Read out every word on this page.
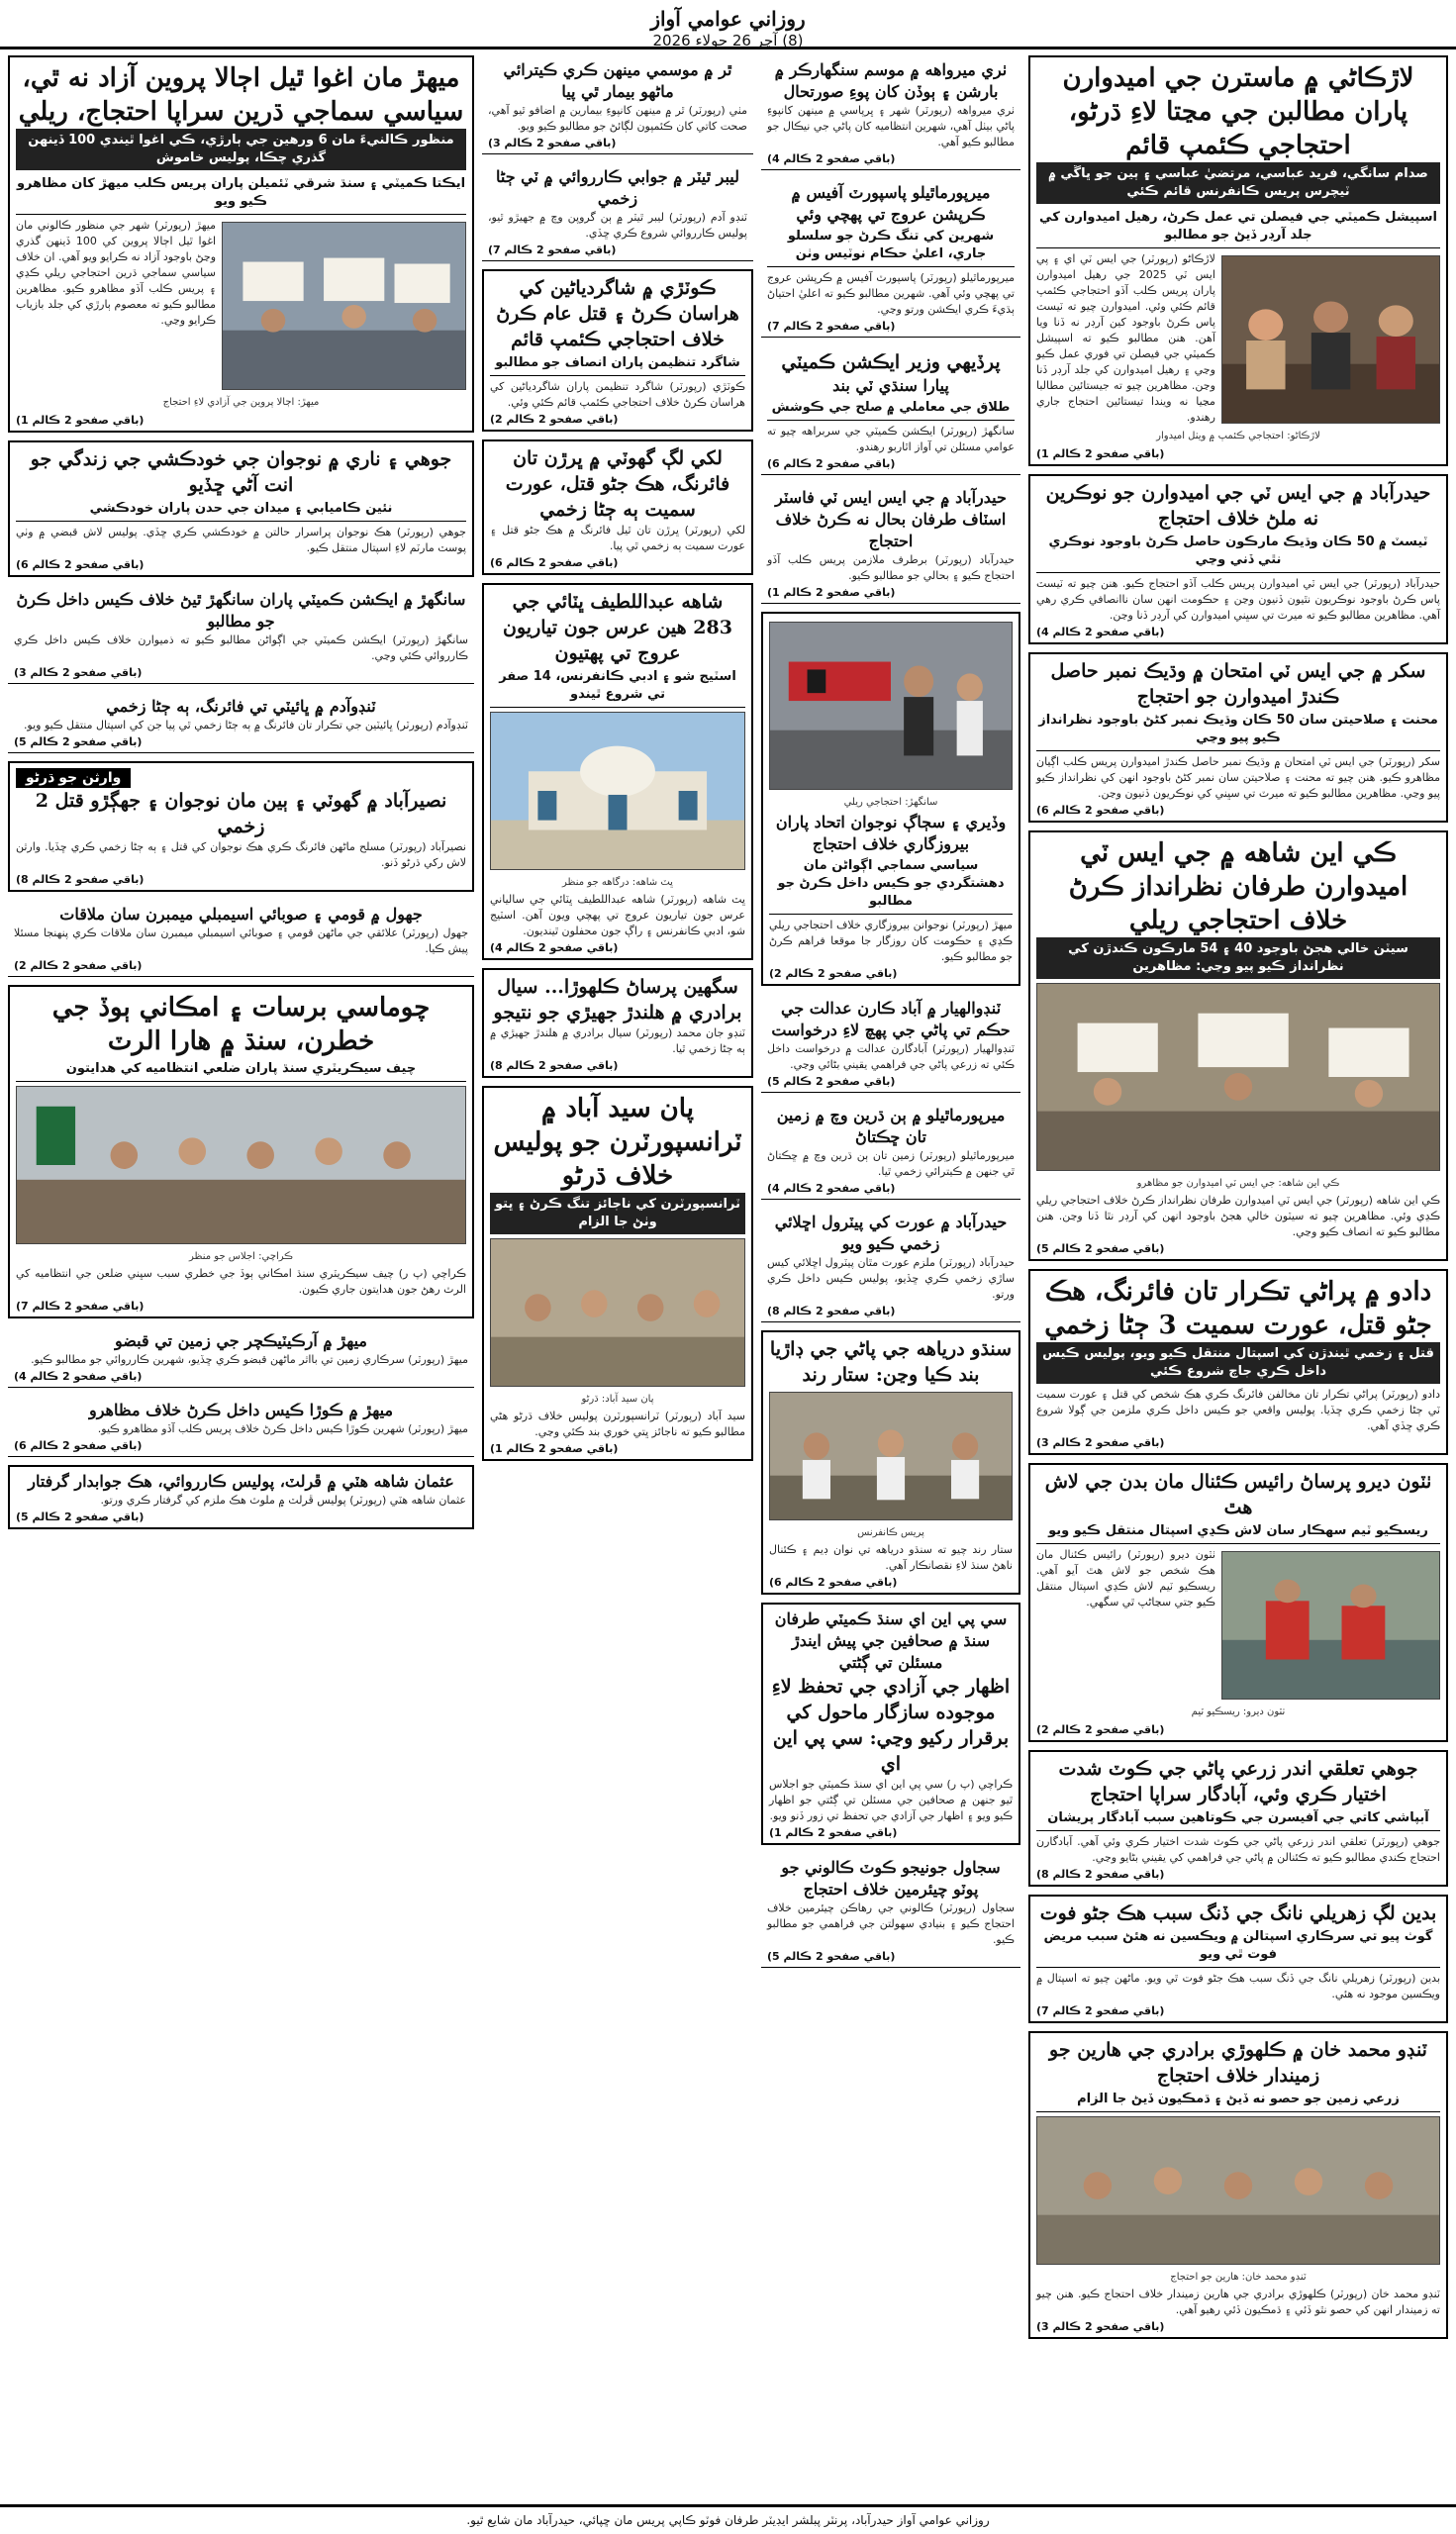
روزاني عوامي آواز
(8) آچر 26 جولاء 2026
لاڙڪاڻي ۾ ماسترن جي اميدوارن پاران مطالبن جي مڃتا لاءِ ڌرڻو، احتجاجي ڪئمپ قائم
صدام سانگي، فريد عباسي، مرتضيٰ عباسي ۽ ٻين جو ڀاڱي ۾ ٽيچرس پريس ڪانفرنس قائم ڪئي
اسپيشل ڪميٽي جي فيصلن تي عمل ڪرڻ، رهيل اميدوارن کي جلد آرڊر ڏيڻ جو مطالبو
لاڙڪاڻو (رپورٽر) جي ايس ٽي اي ۽ پي ايس ٽي 2025 جي رهيل اميدوارن پاران پريس ڪلب آڏو احتجاجي ڪئمپ قائم ڪئي وئي. اميدوارن چيو ته ٽيسٽ پاس ڪرڻ باوجود کين آرڊر نه ڏنا ويا آهن. هنن مطالبو ڪيو ته اسپيشل ڪميٽي جي فيصلن تي فوري عمل ڪيو وڃي ۽ رهيل اميدوارن کي جلد آرڊر ڏنا وڃن. مظاهرين چيو ته جيستائين مطالبا مڃيا نه ويندا تيستائين احتجاج جاري رهندو.
لاڙڪاڻو: احتجاجي ڪئمپ ۾ ويٺل اميدوار
(باقي صفحو 2 ڪالم 1)
حيدرآباد ۾ جي ايس ٽي جي اميدوارن جو نوڪرين نه ملڻ خلاف احتجاج
ٽيسٽ ۾ 50 ڪان وڌيڪ مارڪون حاصل ڪرڻ باوجود نوڪري نٿي ڏني وڃي
حيدرآباد (رپورٽر) جي ايس ٽي اميدوارن پريس ڪلب آڏو احتجاج ڪيو. هنن چيو ته ٽيسٽ پاس ڪرڻ باوجود نوڪريون نٿيون ڏنيون وڃن ۽ حڪومت انهن سان ناانصافي ڪري رهي آهي. مظاهرين مطالبو ڪيو ته ميرٽ تي سڀني اميدوارن کي آرڊر ڏنا وڃن.
(باقي صفحو 2 ڪالم 4)
سکر ۾ جي ايس ٽي امتحان ۾ وڌيڪ نمبر حاصل ڪندڙ اميدوارن جو احتجاج
محنت ۽ صلاحيتن سان 50 ڪان وڌيڪ نمبر کڻڻ باوجود نظرانداز ڪيو پيو وڃي
سکر (رپورٽر) جي ايس ٽي امتحان ۾ وڌيڪ نمبر حاصل ڪندڙ اميدوارن پريس ڪلب اڳيان مظاهرو ڪيو. هنن چيو ته محنت ۽ صلاحيتن سان نمبر کڻڻ باوجود انهن کي نظرانداز ڪيو پيو وڃي. مظاهرين مطالبو ڪيو ته ميرٽ تي سڀني کي نوڪريون ڏنيون وڃن.
(باقي صفحو 2 ڪالم 6)
ڪي اين شاهه ۾ جي ايس ٽي اميدوارن طرفان نظرانداز ڪرڻ خلاف احتجاجي ريلي
سيٽن خالي هجڻ باوجود 40 ۽ 54 مارڪون ڪندڙن کي نظرانداز ڪيو پيو وڃي: مظاهرين
ڪي اين شاهه: جي ايس ٽي اميدوارن جو مظاهرو
ڪي اين شاهه (رپورٽر) جي ايس ٽي اميدوارن طرفان نظرانداز ڪرڻ خلاف احتجاجي ريلي ڪڍي وئي. مظاهرين چيو ته سيٽون خالي هجڻ باوجود انهن کي آرڊر نٿا ڏنا وڃن. هنن مطالبو ڪيو ته انصاف ڪيو وڃي.
(باقي صفحو 2 ڪالم 5)
دادو ۾ پراڻي تڪرار تان فائرنگ، هڪ جڻو قتل، عورت سميت 3 ڄڻا زخمي
قتل ۽ زخمي ٿيندڙن کي اسپتال منتقل ڪيو ويو، پوليس ڪيس داخل ڪري جاچ شروع ڪئي
دادو (رپورٽر) پراڻي تڪرار تان مخالفن فائرنگ ڪري هڪ شخص کي قتل ۽ عورت سميت ٽي ڄڻا زخمي ڪري ڇڏيا. پوليس واقعي جو ڪيس داخل ڪري ملزمن جي ڳولا شروع ڪري ڇڏي آهي.
(باقي صفحو 2 ڪالم 3)
ٺٽون ديرو پرساڻ رائيس ڪئنال مان بدن جي لاش هٿ
ريسڪيو ٽيم سهڪار سان لاش ڪڍي اسپتال منتقل ڪيو ويو
ٺٽون ديرو (رپورٽر) رائيس ڪئنال مان هڪ شخص جو لاش هٿ آيو آهي. ريسڪيو ٽيم لاش ڪڍي اسپتال منتقل ڪيو جتي سڃاڻپ ٿي سگهي.
ٺٽون ديرو: ريسڪيو ٽيم
(باقي صفحو 2 ڪالم 2)
جوهي تعلقي اندر زرعي پاڻي جي ڪوٽ شدت اختيار ڪري وئي، آبادگار سراپا احتجاج
آبپاشي کاتي جي آفيسرن جي ڪوتاهين سبب آبادگار پريشان
جوهي (رپورٽر) تعلقي اندر زرعي پاڻي جي ڪوٽ شدت اختيار ڪري وئي آهي. آبادگارن احتجاج ڪندي مطالبو ڪيو ته ڪئنالن ۾ پاڻي جي فراهمي کي يقيني بڻايو وڃي.
(باقي صفحو 2 ڪالم 8)
بدين لڳ زهريلي نانگ جي ڏنگ سبب هڪ جڻو فوت
گوٺ پيو تي سرڪاري اسپتالن ۾ ويڪسين نه هئڻ سبب مريض فوت ٿي ويو
بدين (رپورٽر) زهريلي نانگ جي ڏنگ سبب هڪ جڻو فوت ٿي ويو. ماڻهن چيو ته اسپتال ۾ ويڪسين موجود نه هئي.
(باقي صفحو 2 ڪالم 7)
ٽنڊو محمد خان ۾ ڪلهوڙي برادري جي هارين جو زميندار خلاف احتجاج
زرعي زمين جو حصو نه ڏيڻ ۽ ڌمڪيون ڏيڻ جا الزام
ٽنڊو محمد خان: هارين جو احتجاج
ٽنڊو محمد خان (رپورٽر) ڪلهوڙي برادري جي هارين زميندار خلاف احتجاج ڪيو. هنن چيو ته زميندار انهن کي حصو نٿو ڏئي ۽ ڌمڪيون ڏئي رهيو آهي.
(باقي صفحو 2 ڪالم 3)
ٺري ميرواهه ۾ موسم سنگهارڪر ۾ بارشن ۽ ٻوڏن کان پوءِ صورتحال
ٺري ميرواهه (رپورٽر) شهر ۽ ڀرپاسي ۾ مينهن کانپوءِ پاڻي بيٺل آهي، شهرين انتظاميه کان پاڻي جي نيڪال جو مطالبو ڪيو آهي.
(باقي صفحو 2 ڪالم 4)
ميرپورماٿيلو پاسپورٽ آفيس ۾ ڪرپشن عروج تي پهچي وئي
شهرين کي تنگ ڪرڻ جو سلسلو جاري، اعليٰ حڪام نوٽيس وٺن
ميرپورماٿيلو (رپورٽر) پاسپورٽ آفيس ۾ ڪرپشن عروج تي پهچي وئي آهي. شهرين مطالبو ڪيو ته اعليٰ احتياڻ ٻڌيءَ ڪري ايڪشن ورتو وڃي.
(باقي صفحو 2 ڪالم 7)
پرڏيهي وزير ايڪشن ڪميٽي
پيارا سنڌي ٽي بند
طلاق جي معاملي ۾ صلح جي ڪوشش
سانگهڙ (رپورٽر) ايڪشن ڪميٽي جي سربراهه چيو ته عوامي مسئلن تي آواز اٿاربو رهندو.
(باقي صفحو 2 ڪالم 6)
حيدرآباد ۾ جي ايس ايس ٽي فاسٽر اسٽاف طرفان بحال نه ڪرڻ خلاف احتجاج
حيدرآباد (رپورٽر) برطرف ملازمن پريس ڪلب آڏو احتجاج ڪيو ۽ بحالي جو مطالبو ڪيو.
(باقي صفحو 2 ڪالم 1)
سانگهڙ: احتجاجي ريلي
وڏيري ۽ سڄاڳ نوجوان اتحاد پاران بيروزگاري خلاف احتجاج
سياسي سماجي اڳواڻن مان دهشتگردي جو ڪيس داخل ڪرڻ جو مطالبو
ميهڙ (رپورٽر) نوجوانن بيروزگاري خلاف احتجاجي ريلي ڪڍي ۽ حڪومت کان روزگار جا موقعا فراهم ڪرڻ جو مطالبو ڪيو.
(باقي صفحو 2 ڪالم 2)
ٽنڊوالهيار ۾ آباد ڪارن عدالت جي حڪم تي پاڻي جي پهچ لاءِ درخواست
ٽنڊوالهيار (رپورٽر) آبادگارن عدالت ۾ درخواست داخل ڪئي ته زرعي پاڻي جي فراهمي يقيني بڻائي وڃي.
(باقي صفحو 2 ڪالم 5)
ميرپورماٿيلو ۾ ٻن ڌرين وچ ۾ زمين تان ڇڪتاڻ
ميرپورماٿيلو (رپورٽر) زمين تان ٻن ڌرين وچ ۾ ڇڪتاڻ ٿي جنهن ۾ ڪيترائي زخمي ٿيا.
(باقي صفحو 2 ڪالم 4)
حيدرآباد ۾ عورت کي پيٽرول اڇلائي زخمي ڪيو ويو
حيدرآباد (رپورٽر) ملزم عورت مٿان پيٽرول اڇلائي کيس ساڙي زخمي ڪري ڇڏيو، پوليس ڪيس داخل ڪري ورتو.
(باقي صفحو 2 ڪالم 8)
سنڌو درياهه جي پاڻي جي ڊاڙيا بند ڪيا وڃن: ستار رند
پريس ڪانفرنس
ستار رند چيو ته سنڌو درياهه تي نوان ڊيم ۽ ڪئنال ناهڻ سنڌ لاءِ نقصانڪار آهي.
(باقي صفحو 2 ڪالم 6)
سي پي اين اي سنڌ ڪميٽي طرفان سنڌ ۾ صحافين جي پيش ايندڙ مسئلن تي ڳڻتي
اظهار جي آزادي جي تحفظ لاءِ موجوده سازگار ماحول کي برقرار رکيو وڃي: سي پي اين اي
ڪراچي (پ ر) سي پي اين اي سنڌ ڪميٽي جو اجلاس ٿيو جنهن ۾ صحافين جي مسئلن تي ڳڻتي جو اظهار ڪيو ويو ۽ اظهار جي آزادي جي تحفظ تي زور ڏنو ويو.
(باقي صفحو 2 ڪالم 1)
سجاول جونيجو ڪوٽ ڪالوني جو پوٽو چيئرمين خلاف احتجاج
سجاول (رپورٽر) ڪالوني جي رهاڪن چيئرمين خلاف احتجاج ڪيو ۽ بنيادي سهولتن جي فراهمي جو مطالبو ڪيو.
(باقي صفحو 2 ڪالم 5)
ٿر ۾ موسمي مينهن ڪري ڪيترائي ماڻهو بيمار ٿي پيا
مٺي (رپورٽر) ٿر ۾ مينهن کانپوءِ بيمارين ۾ اضافو ٿيو آهي، صحت کاتي کان ڪئمپون لڳائڻ جو مطالبو ڪيو ويو.
(باقي صفحو 2 ڪالم 3)
ليبر ٿيٽر ۾ جوابي ڪارروائي ۾ ٽي ڄڻا زخمي
ٽنڊو آدم (رپورٽر) ليبر ٿيٽر ۾ ٻن گروپن وچ ۾ جهيڙو ٿيو، پوليس ڪارروائي شروع ڪري ڇڏي.
(باقي صفحو 2 ڪالم 7)
ڪوٽڙي ۾ شاگردياڻين کي هراسان ڪرڻ ۽ قتل عام ڪرڻ خلاف احتجاجي ڪئمپ قائم
شاگرد تنظيمن پاران انصاف جو مطالبو
ڪوٽڙي (رپورٽر) شاگرد تنظيمن پاران شاگردياڻين کي هراسان ڪرڻ خلاف احتجاجي ڪئمپ قائم ڪئي وئي.
(باقي صفحو 2 ڪالم 2)
لکي لڳ گهوٽي ۾ ڀرڙن تان فائرنگ، هڪ جڻو قتل، عورت سميت ٻه ڄڻا زخمي
لکي (رپورٽر) ڀرڙن تان ٿيل فائرنگ ۾ هڪ جڻو قتل ۽ عورت سميت ٻه زخمي ٿي پيا.
(باقي صفحو 2 ڪالم 6)
شاهه عبداللطيف ڀٽائي جي 283 هين عرس جون تياريون عروج تي پهتيون
اسٽيج شو ۽ ادبي ڪانفرنس، 14 صفر تي شروع ٿيندو
ڀٽ شاهه: درگاهه جو منظر
ڀٽ شاهه (رپورٽر) شاهه عبداللطيف ڀٽائي جي سالياني عرس جون تياريون عروج تي پهچي ويون آهن. اسٽيج شو، ادبي ڪانفرنس ۽ راڳ جون محفلون ٿينديون.
(باقي صفحو 2 ڪالم 4)
سگهين پرساڻ ڪلهوڙا... سيال برادري ۾ هلندڙ جهيڙي جو نتيجو
ٽنڊو جان محمد (رپورٽر) سيال برادري ۾ هلندڙ جهيڙي ۾ ٻه ڄڻا زخمي ٿيا.
(باقي صفحو 2 ڪالم 8)
پان سيد آباد ۾ ٽرانسپورٽرن جو پوليس خلاف ڌرڻو
ٽرانسپورٽرن کي ناجائز تنگ ڪرڻ ۽ ڀتو وٺڻ جا الزام
پان سيد آباد: ڌرڻو
سيد آباد (رپورٽر) ٽرانسپورٽرن پوليس خلاف ڌرڻو هڻي مطالبو ڪيو ته ناجائز ڀتي خوري بند ڪئي وڃي.
(باقي صفحو 2 ڪالم 1)
ميهڙ مان اغوا ٿيل اڄالا پروين آزاد نه ٿي، سياسي سماجي ڌرين سراپا احتجاج، ريلي
منظور ڪالنيءَ مان 6 ورهين جي ٻارڙي، ڪي اغوا ٿيندي 100 ڏينهن گذري چڪا، پوليس خاموش
ايڪتا ڪميٽي ۽ سنڌ شرقي ٽئميلن پاران پريس ڪلب ميهڙ کان مظاهرو ڪيو ويو
ميهڙ (رپورٽر) شهر جي منظور ڪالوني مان اغوا ٿيل اڄالا پروين کي 100 ڏينهن گذري وڃڻ باوجود آزاد نه ڪرايو ويو آهي. ان خلاف سياسي سماجي ڌرين احتجاجي ريلي ڪڍي ۽ پريس ڪلب آڏو مظاهرو ڪيو. مظاهرين مطالبو ڪيو ته معصوم ٻارڙي کي جلد بازياب ڪرايو وڃي.
ميهڙ: اڄالا پروين جي آزادي لاءِ احتجاج
(باقي صفحو 2 ڪالم 1)
جوهي ۽ ناري ۾ نوجوان جي خودڪشي جي زندگي جو انت آڻي ڇڏيو
نئين ڪاميابي ۽ ميدان جي حدن پاران خودڪشي
جوهي (رپورٽر) هڪ نوجوان پراسرار حالتن ۾ خودڪشي ڪري ڇڏي. پوليس لاش قبضي ۾ وٺي پوسٽ مارٽم لاءِ اسپتال منتقل ڪيو.
(باقي صفحو 2 ڪالم 6)
سانگهڙ ۾ ايڪشن ڪميٽي پاران سانگهڙ ٿيڻ خلاف ڪيس داخل ڪرڻ جو مطالبو
سانگهڙ (رپورٽر) ايڪشن ڪميٽي جي اڳواڻن مطالبو ڪيو ته ذميوارن خلاف ڪيس داخل ڪري ڪارروائي ڪئي وڃي.
(باقي صفحو 2 ڪالم 3)
ٽنڊوآدم ۾ ڀائيٽي تي فائرنگ، ٻه ڄڻا زخمي
ٽنڊوآدم (رپورٽر) ڀائيٽين جي تڪرار تان فائرنگ ۾ ٻه ڄڻا زخمي ٿي پيا جن کي اسپتال منتقل ڪيو ويو.
(باقي صفحو 2 ڪالم 5)
وارثن جو ڌرڻو
نصيرآباد ۾ گهوٽي ۽ ٻين مان نوجوان ۽ جهڳڙو قتل 2 زخمي
نصيرآباد (رپورٽر) مسلح ماڻهن فائرنگ ڪري هڪ نوجوان کي قتل ۽ ٻه ڄڻا زخمي ڪري ڇڏيا. وارثن لاش رکي ڌرڻو ڏنو.
(باقي صفحو 2 ڪالم 8)
جهول ۾ قومي ۽ صوبائي اسيمبلي ميمبرن سان ملاقات
جهول (رپورٽر) علائقي جي ماڻهن قومي ۽ صوبائي اسيمبلي ميمبرن سان ملاقات ڪري پنهنجا مسئلا پيش ڪيا.
(باقي صفحو 2 ڪالم 2)
چوماسي برسات ۽ امڪاني ٻوڏ جي خطرن، سنڌ ۾ هارا الرٽ
چيف سيڪريٽري سنڌ پاران ضلعي انتظاميه کي هدايتون
ڪراچي: اجلاس جو منظر
ڪراچي (پ ر) چيف سيڪريٽري سنڌ امڪاني ٻوڏ جي خطري سبب سڀني ضلعن جي انتظاميه کي الرٽ رهڻ جون هدايتون جاري ڪيون.
(باقي صفحو 2 ڪالم 7)
ميهڙ ۾ آرڪيٽيڪچر جي زمين تي قبضو
ميهڙ (رپورٽر) سرڪاري زمين تي بااثر ماڻهن قبضو ڪري ڇڏيو، شهرين ڪارروائي جو مطالبو ڪيو.
(باقي صفحو 2 ڪالم 4)
ميهڙ ۾ ڪوڙا ڪيس داخل ڪرڻ خلاف مظاهرو
ميهڙ (رپورٽر) شهرين ڪوڙا ڪيس داخل ڪرڻ خلاف پريس ڪلب آڏو مظاهرو ڪيو.
(باقي صفحو 2 ڪالم 6)
عثمان شاهه هٽي ۾ ڦرلٽ، پوليس ڪارروائي، هڪ جوابدار گرفتار
عثمان شاهه هٽي (رپورٽر) پوليس ڦرلٽ ۾ ملوث هڪ ملزم کي گرفتار ڪري ورتو.
(باقي صفحو 2 ڪالم 5)
روزاني عوامي آواز حيدرآباد، پرنٽر پبلشر ايڊيٽر طرفان فوٽو ڪاپي پريس مان ڇپائي، حيدرآباد مان شايع ٿيو.
